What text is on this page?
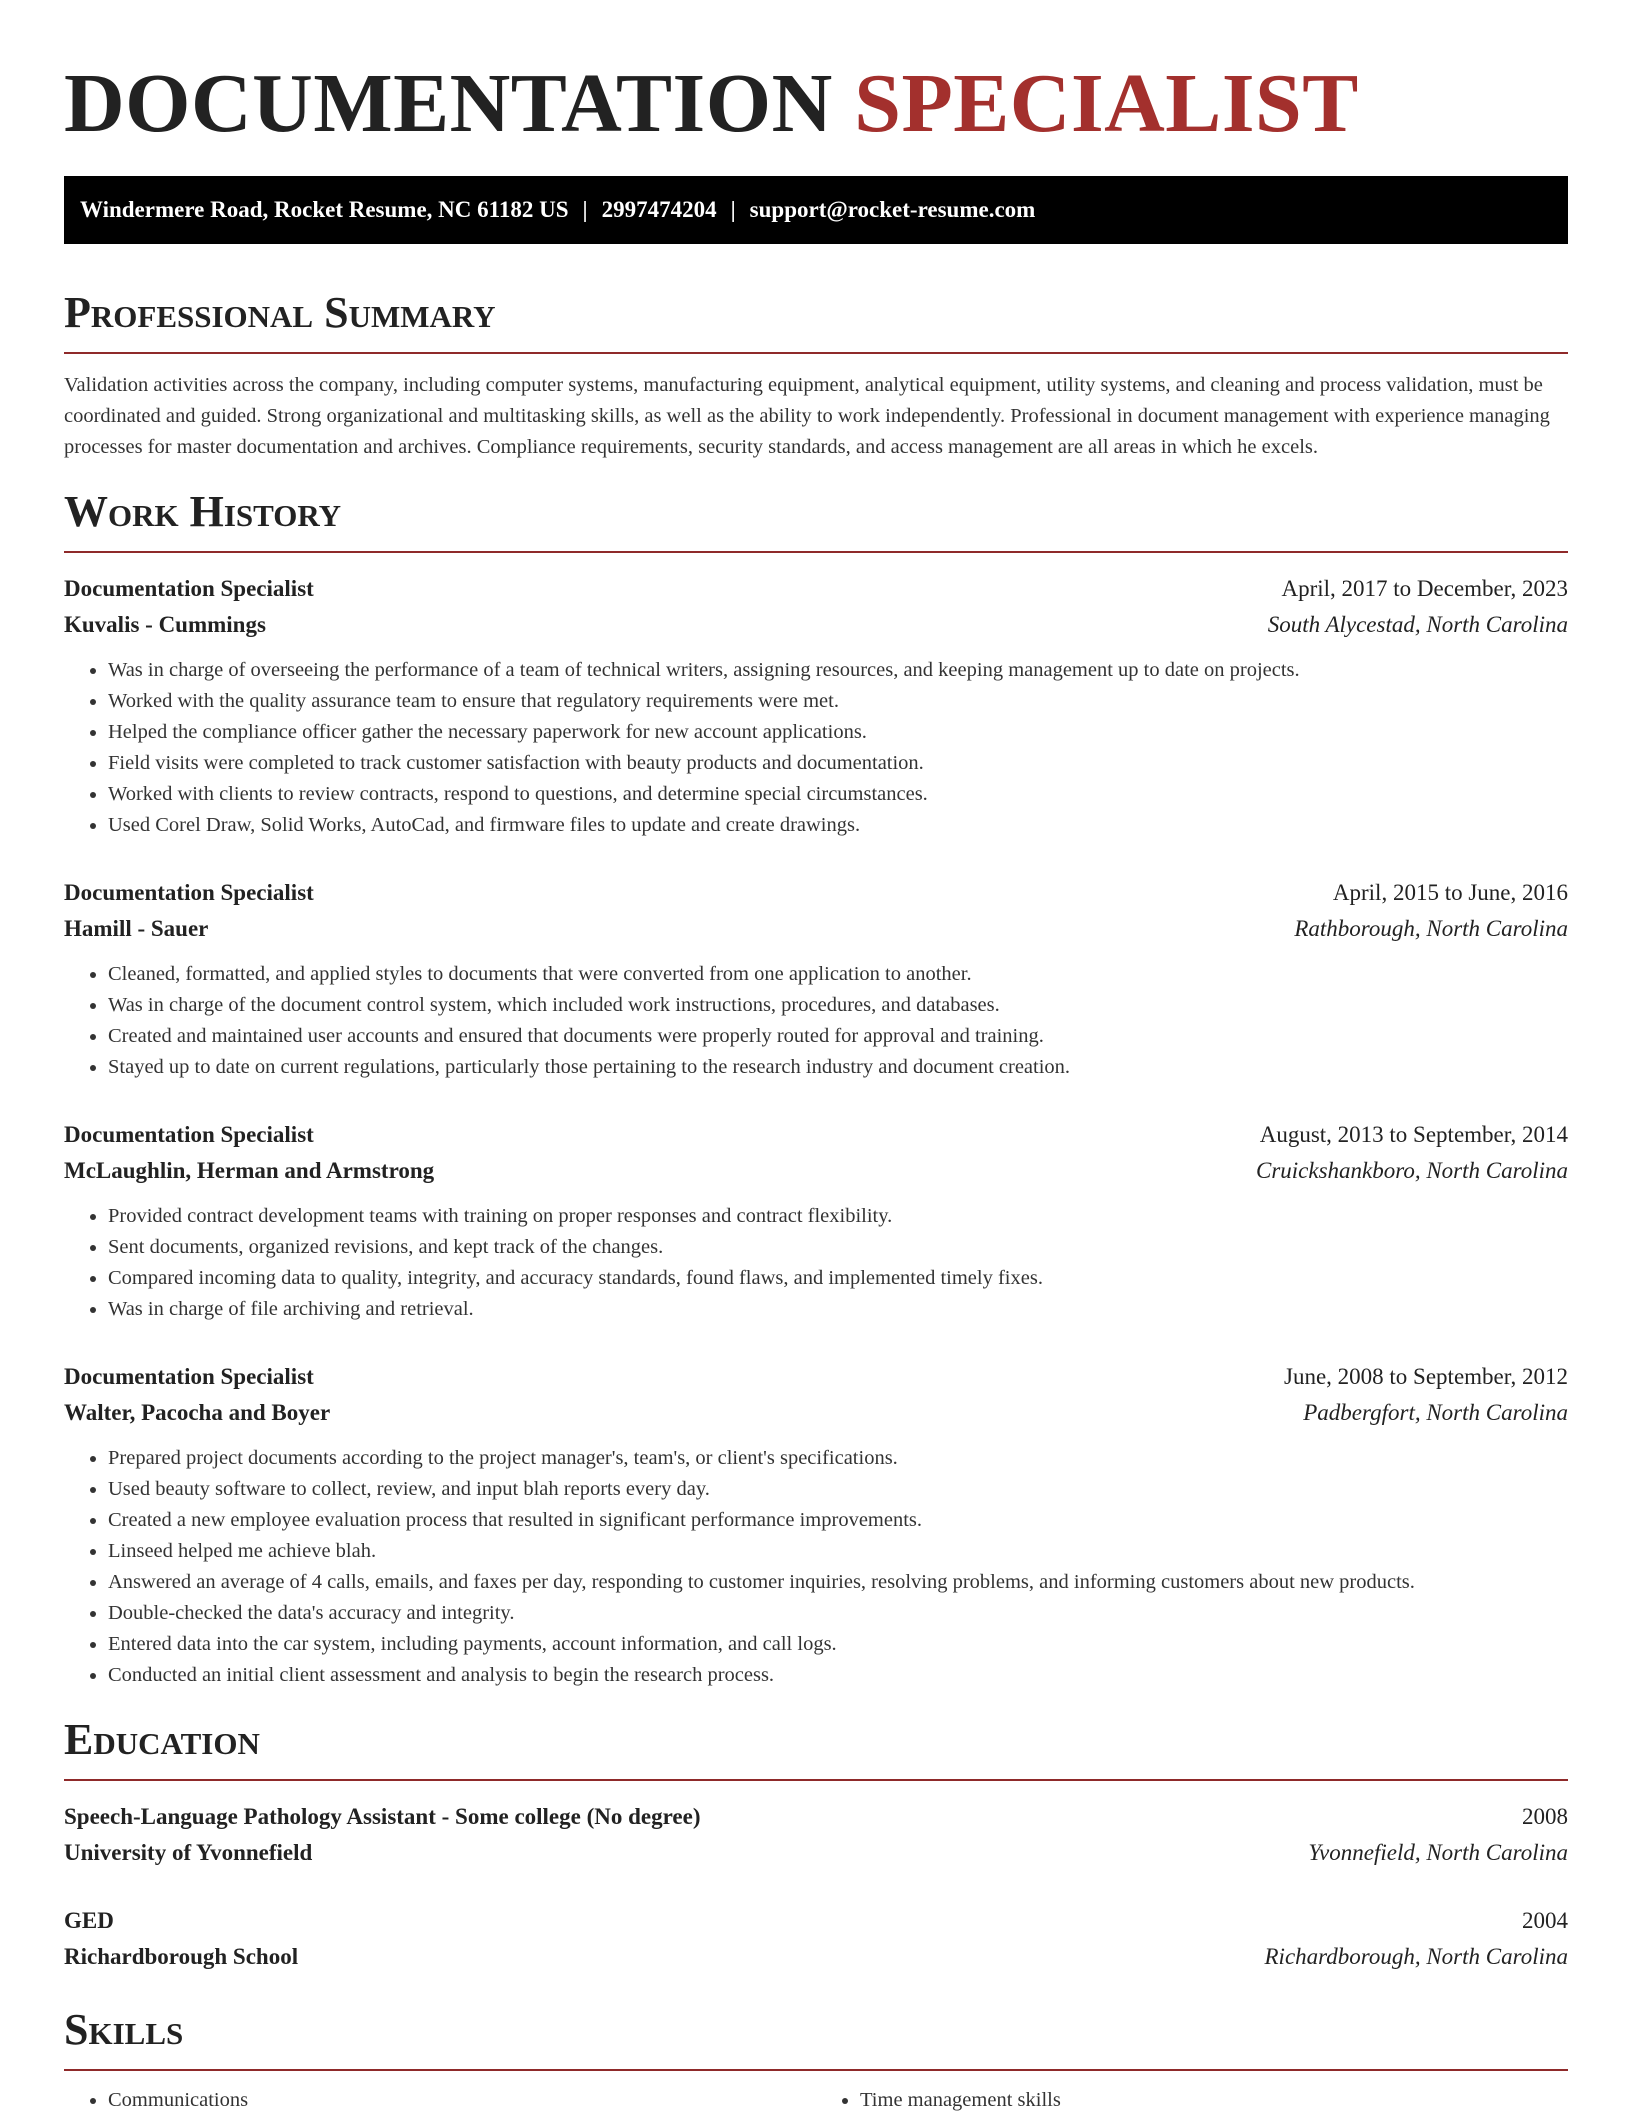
DOCUMENTATION SPECIALIST
Windermere Road, Rocket Resume, NC 61182 US | 2997474204 | support@rocket-resume.com
Professional Summary

Validation activities across the company, including computer systems, manufacturing equipment, analytical equipment, utility systems, and cleaning and process validation, must be coordinated and guided. Strong organizational and multitasking skills, as well as the ability to work independently. Professional in document management with experience managing processes for master documentation and archives. Compliance requirements, security standards, and access management are all areas in which he excels.

Work History
Documentation Specialist	April, 2017 to December, 2023
Kuvalis - Cummings	South Alycestad, North Carolina
• Was in charge of overseeing the performance of a team of technical writers, assigning resources, and keeping management up to date on projects.
• Worked with the quality assurance team to ensure that regulatory requirements were met.
• Helped the compliance officer gather the necessary paperwork for new account applications.
• Field visits were completed to track customer satisfaction with beauty products and documentation.
• Worked with clients to review contracts, respond to questions, and determine special circumstances.
• Used Corel Draw, Solid Works, AutoCad, and firmware files to update and create drawings.
Documentation Specialist	April, 2015 to June, 2016
Hamill - Sauer	Rathborough, North Carolina
• Cleaned, formatted, and applied styles to documents that were converted from one application to another.
• Was in charge of the document control system, which included work instructions, procedures, and databases.
• Created and maintained user accounts and ensured that documents were properly routed for approval and training.
• Stayed up to date on current regulations, particularly those pertaining to the research industry and document creation.
Documentation Specialist	August, 2013 to September, 2014
McLaughlin, Herman and Armstrong	Cruickshankboro, North Carolina
• Provided contract development teams with training on proper responses and contract flexibility.
• Sent documents, organized revisions, and kept track of the changes.
• Compared incoming data to quality, integrity, and accuracy standards, found flaws, and implemented timely fixes.
• Was in charge of file archiving and retrieval.
Documentation Specialist	June, 2008 to September, 2012
Walter, Pacocha and Boyer	Padbergfort, North Carolina
• Prepared project documents according to the project manager's, team's, or client's specifications.
• Used beauty software to collect, review, and input blah reports every day.
• Created a new employee evaluation process that resulted in significant performance improvements.
• Linseed helped me achieve blah.
• Answered an average of 4 calls, emails, and faxes per day, responding to customer inquiries, resolving problems, and informing customers about new products.
• Double-checked the data's accuracy and integrity.
• Entered data into the car system, including payments, account information, and call logs.
• Conducted an initial client assessment and analysis to begin the research process.
Education
Speech-Language Pathology Assistant - Some college (No degree)	2008
University of Yvonnefield	Yvonnefield, North Carolina
GED	2004
Richardborough School	Richardborough, North Carolina
Skills
• Communications
•	Time management skills
